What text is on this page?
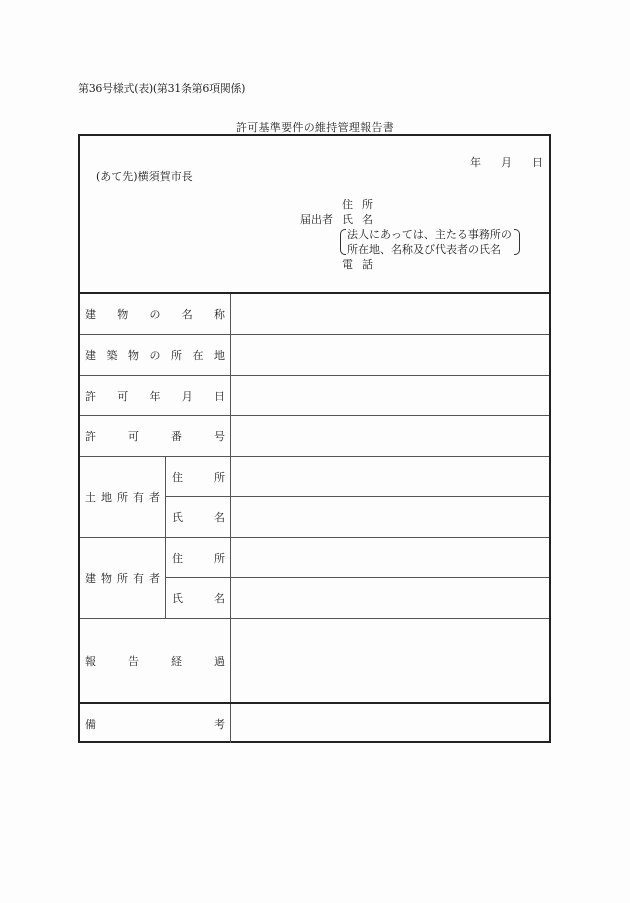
第36号様式(表)(第31条第6項関係)
許可基準要件の維持管理報告書
年 月 日
(あて先)横須賀市長
住 所
届出者 氏 名
法人にあっては、主たる事務所の
所在地、名称及び代表者の氏名
電 話
建 物 の 名 称
建 築 物 の 所 在 地
許 可 年 月 日
許	可	番	号
土 地 所 有 者
住	所
氏	名
建 物 所 有 者
住	所
氏	名
報	告	経	過
備	考
